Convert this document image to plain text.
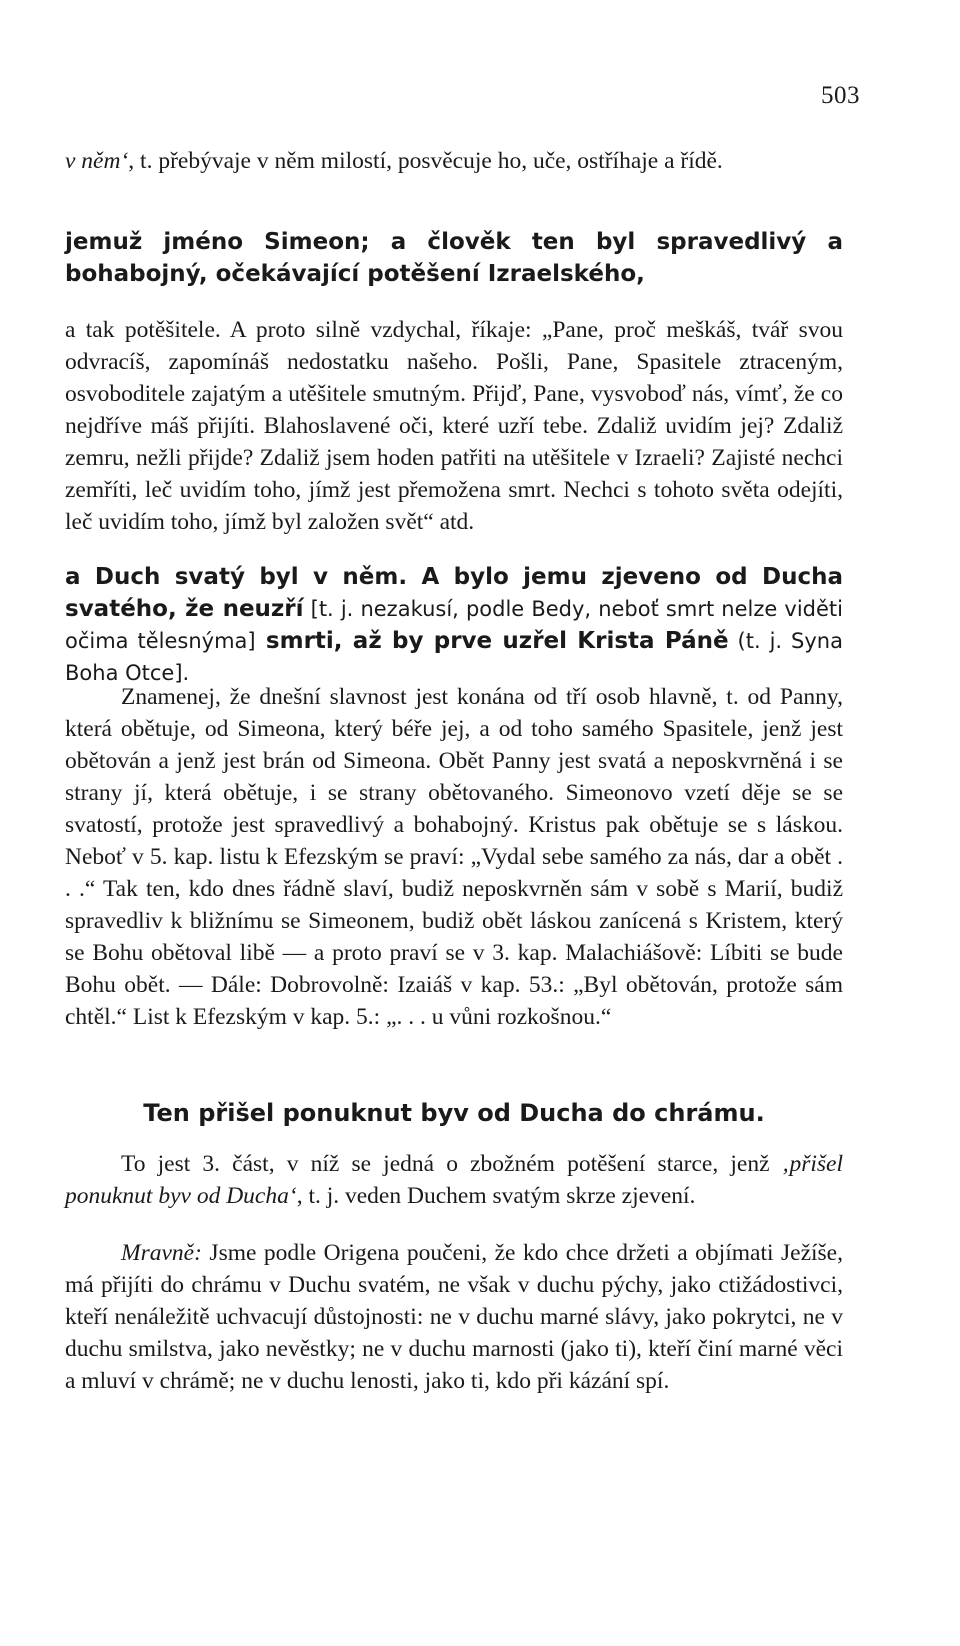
503

v něm‘, t. přebývaje v něm milostí, posvěcuje ho, uče, ostříhaje a řídě.

jemuž jméno Simeon; a člověk ten byl spravedlivý a bohabojný, očekávající potěšení Izraelského,

a tak potěšitele. A proto silně vzdychal, říkaje: „Pane, proč meškáš, tvář svou odvracíš, zapomínáš nedostatku našeho. Pošli, Pane, Spasitele ztraceným, osvoboditele zajatým a utěšitele smutným. Přijď, Pane, vysvoboď nás, vímť, že co nejdříve máš přijíti. Blahoslavené oči, které uzří tebe. Zdaliž uvidím jej? Zdaliž zemru, nežli přijde? Zdaliž jsem hoden patřiti na utěšitele v Izraeli? Zajisté nechci zemříti, leč uvidím toho, jímž jest přemožena smrt. Nechci s tohoto světa odejíti, leč uvidím toho, jímž byl založen svět“ atd.

a Duch svatý byl v něm. A bylo jemu zjeveno od Ducha svatého, že neuzří [t. j. nezakusí, podle Bedy, neboť smrt nelze viděti očima tělesnýma] smrti, až by prve uzřel Krista Páně (t. j. Syna Boha Otce].

Znamenej, že dnešní slavnost jest konána od tří osob hlavně, t. od Panny, která obětuje, od Simeona, který béře jej, a od toho samého Spasitele, jenž jest obětován a jenž jest brán od Simeona. Obět Panny jest svatá a neposkvrněná i se strany jí, která obětuje, i se strany obětovaného. Simeonovo vzetí děje se se svatostí, protože jest spravedlivý a bohabojný. Kristus pak obětuje se s láskou. Neboť v 5. kap. listu k Efezským se praví: „Vydal sebe samého za nás, dar a obět . . .“ Tak ten, kdo dnes řádně slaví, budiž neposkvrněn sám v sobě s Marií, budiž spravedliv k bližnímu se Simeonem, budiž obět láskou zanícená s Kristem, který se Bohu obětoval libě — a proto praví se v 3. kap. Malachiášově: Líbiti se bude Bohu obět. — Dále: Dobrovolně: Izaiáš v kap. 53.: „Byl obětován, protože sám chtěl.“ List k Efezským v kap. 5.: „. . . u vůni rozkošnou.“

Ten přišel ponuknut byv od Ducha do chrámu.

To jest 3. část, v níž se jedná o zbožném potěšení starce, jenž ‚přišel ponuknut byv od Ducha‘, t. j. veden Duchem svatým skrze zjevení.

Mravně: Jsme podle Origena poučeni, že kdo chce držeti a objímati Ježíše, má přijíti do chrámu v Duchu svatém, ne však v duchu pýchy, jako ctižádostivci, kteří nenáležitě uchvacují důstojnosti: ne v duchu marné slávy, jako pokrytci, ne v duchu smilstva, jako nevěstky; ne v duchu marnosti (jako ti), kteří činí marné věci a mluví v chrámě; ne v duchu lenosti, jako ti, kdo při kázání spí.
